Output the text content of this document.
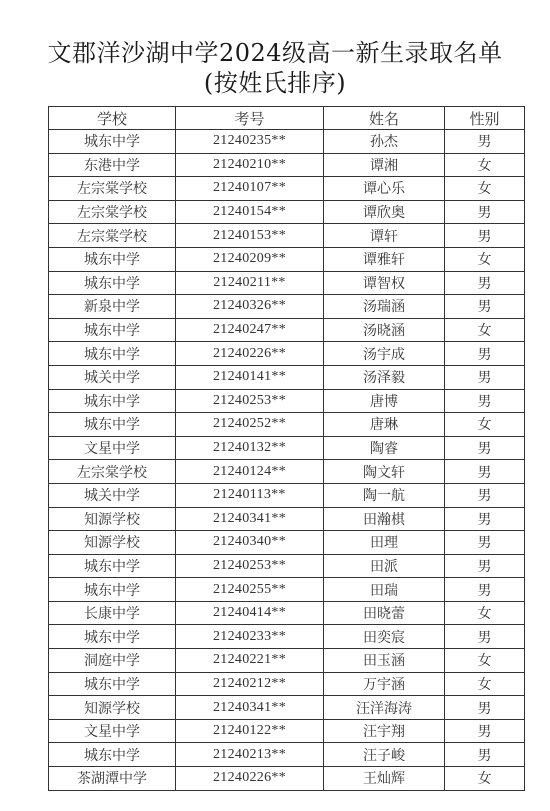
文郡洋沙湖中学2024级高一新生录取名单
(按姓氏排序)
学校	考号	姓名	性别
城东中学	21240235**	孙杰	男
东港中学	21240210**	谭湘	女
左宗棠学校	21240107**	谭心乐	女
左宗棠学校	21240154**	谭欣奥	男
左宗棠学校	21240153**	谭轩	男
城东中学	21240209**	谭雅轩	女
城东中学	21240211**	谭智权	男
新泉中学	21240326**	汤瑞涵	男
城东中学	21240247**	汤晓涵	女
城东中学	21240226**	汤宇成	男
城关中学	21240141**	汤泽毅	男
城东中学	21240253**	唐博	男
城东中学	21240252**	唐琳	女
文星中学	21240132**	陶睿	男
左宗棠学校	21240124**	陶文轩	男
城关中学	21240113**	陶一航	男
知源学校	21240341**	田瀚棋	男
知源学校	21240340**	田理	男
城东中学	21240253**	田派	男
城东中学	21240255**	田瑞	男
长康中学	21240414**	田晓蕾	女
城东中学	21240233**	田奕宸	男
洞庭中学	21240221**	田玉涵	女
城东中学	21240212**	万宇涵	女
知源学校	21240341**	汪洋海涛	男
文星中学	21240122**	汪宇翔	男
城东中学	21240213**	汪子峻	男
茶湖潭中学	21240226**	王灿辉	女
